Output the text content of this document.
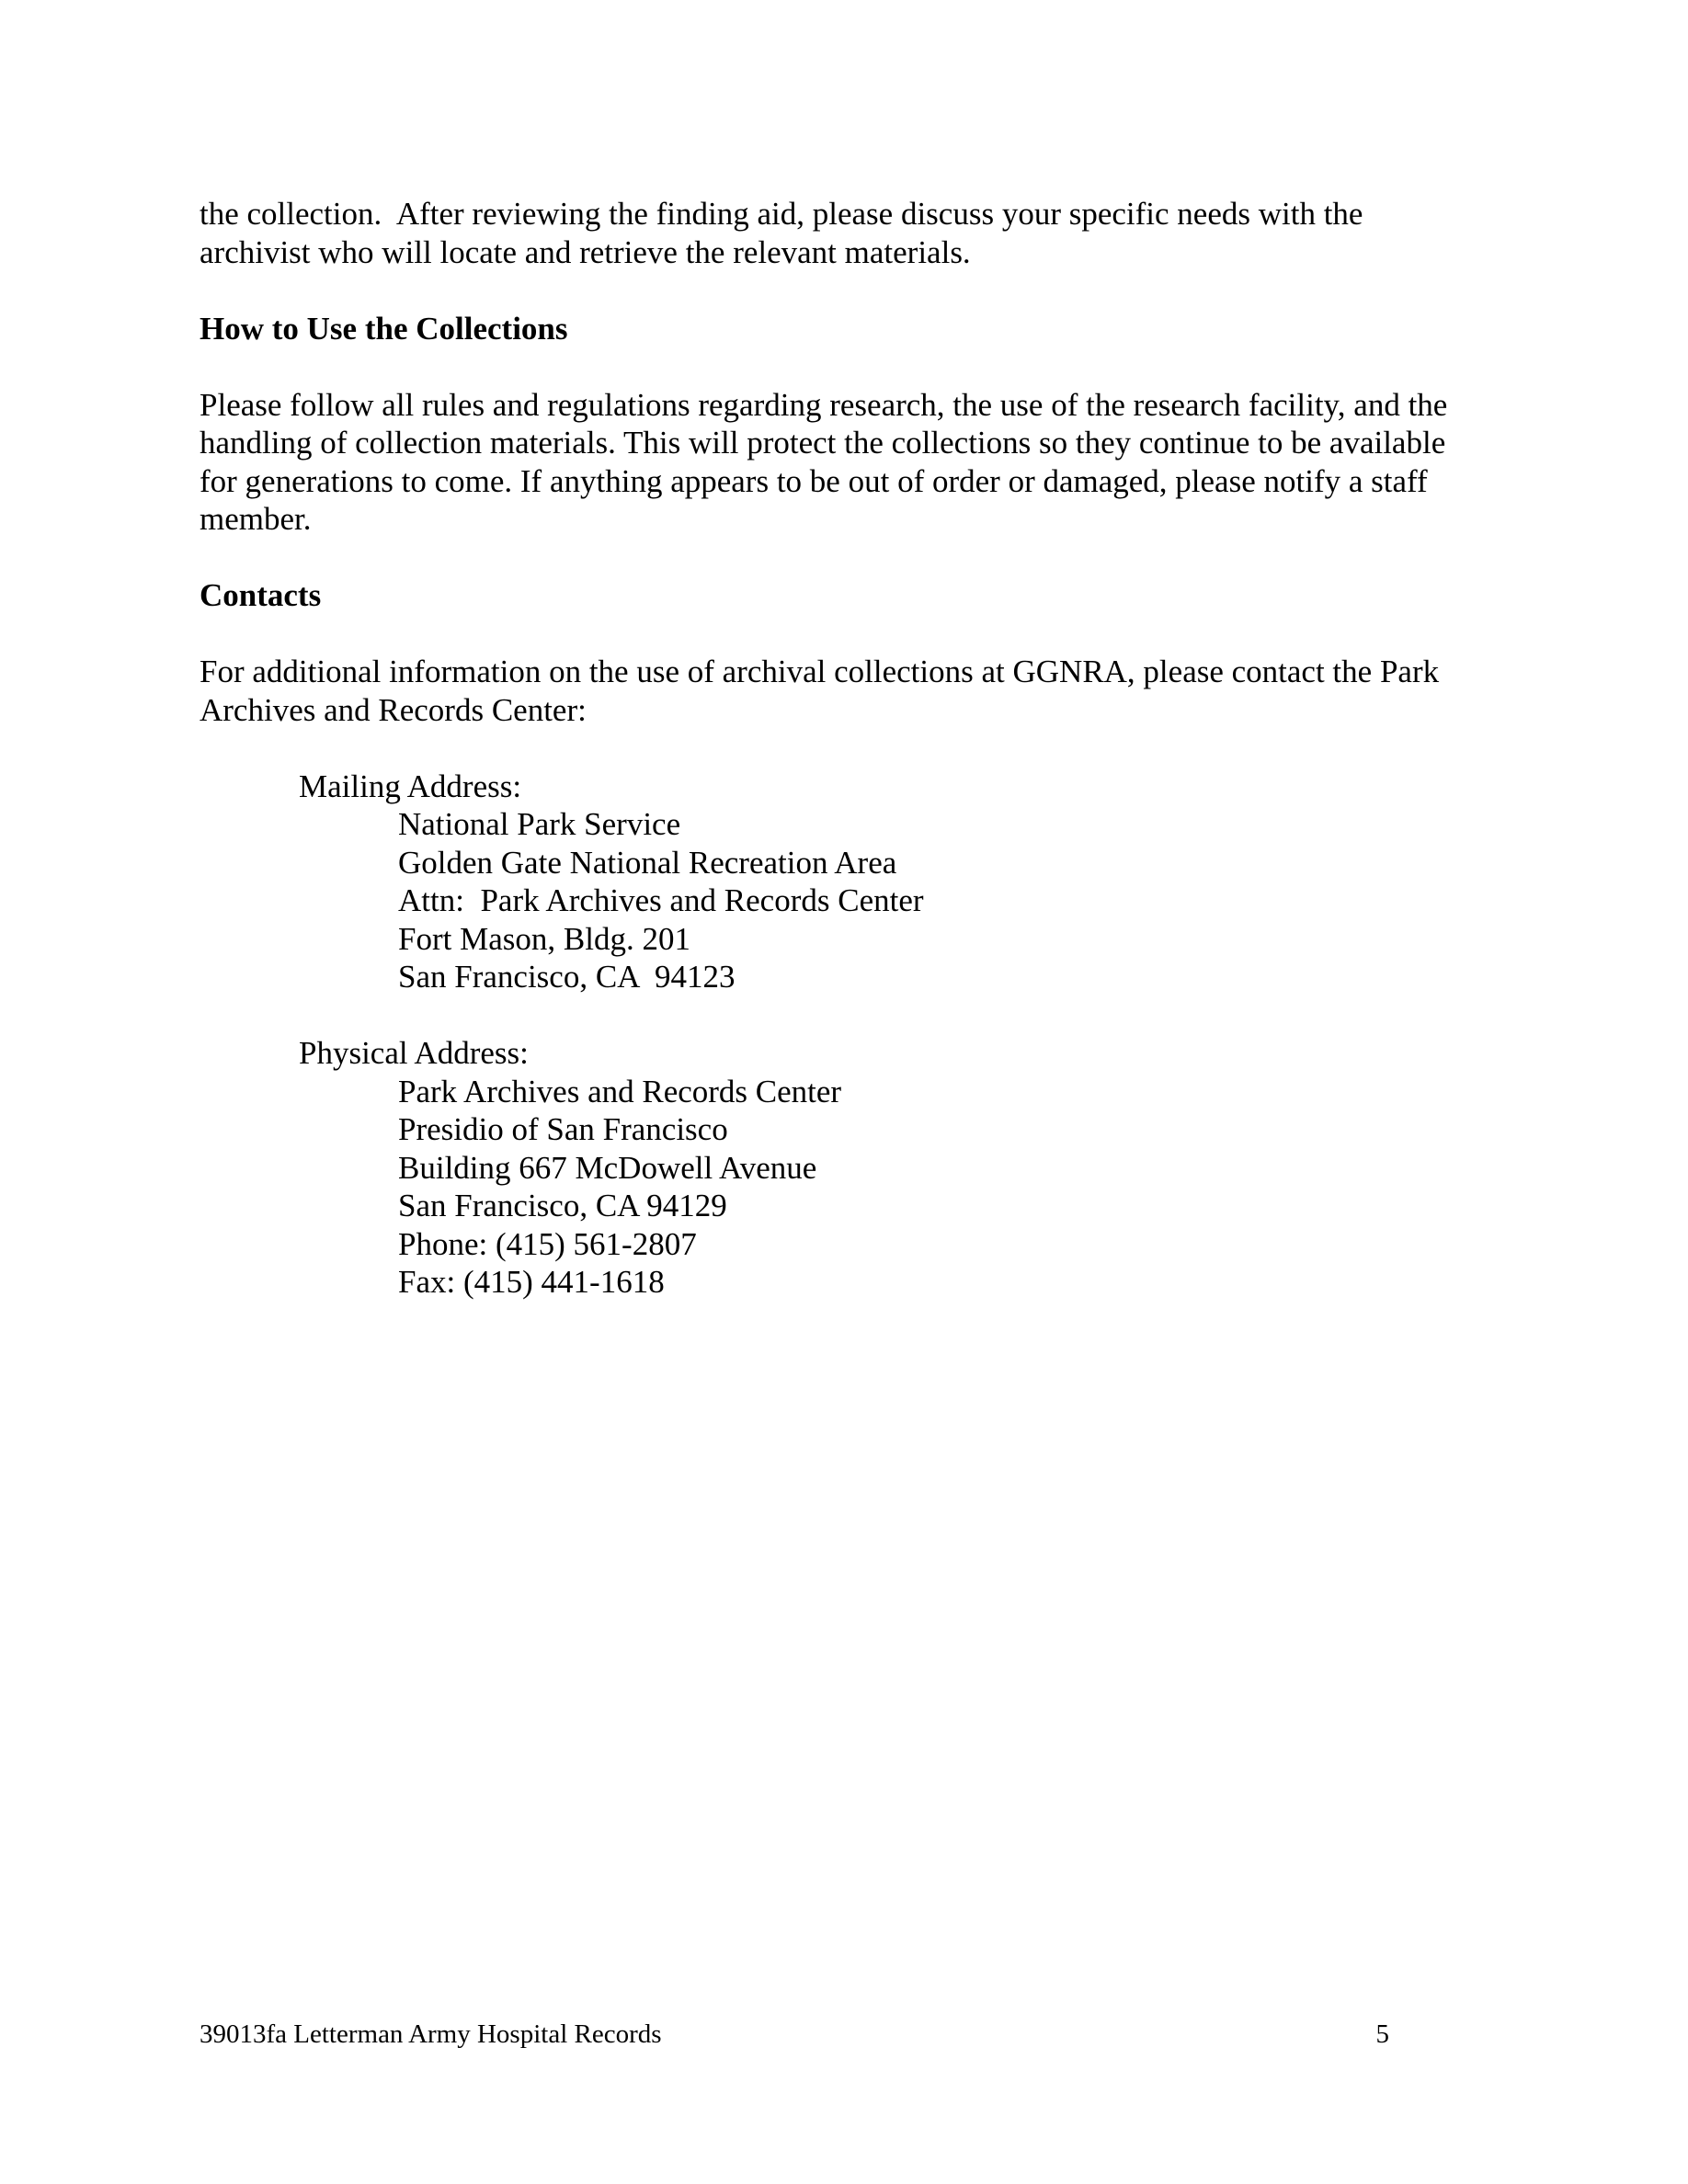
the collection.  After reviewing the finding aid, please discuss your specific needs with the
archivist who will locate and retrieve the relevant materials.
How to Use the Collections
Please follow all rules and regulations regarding research, the use of the research facility, and the
handling of collection materials. This will protect the collections so they continue to be available
for generations to come. If anything appears to be out of order or damaged, please notify a staff
member.
Contacts
For additional information on the use of archival collections at GGNRA, please contact the Park
Archives and Records Center:
Mailing Address:
National Park Service
Golden Gate National Recreation Area
Attn:  Park Archives and Records Center
Fort Mason, Bldg. 201
San Francisco, CA  94123
Physical Address:
Park Archives and Records Center
Presidio of San Francisco
Building 667 McDowell Avenue
San Francisco, CA 94129
Phone: (415) 561-2807
Fax: (415) 441-1618
39013fa Letterman Army Hospital Records	5
